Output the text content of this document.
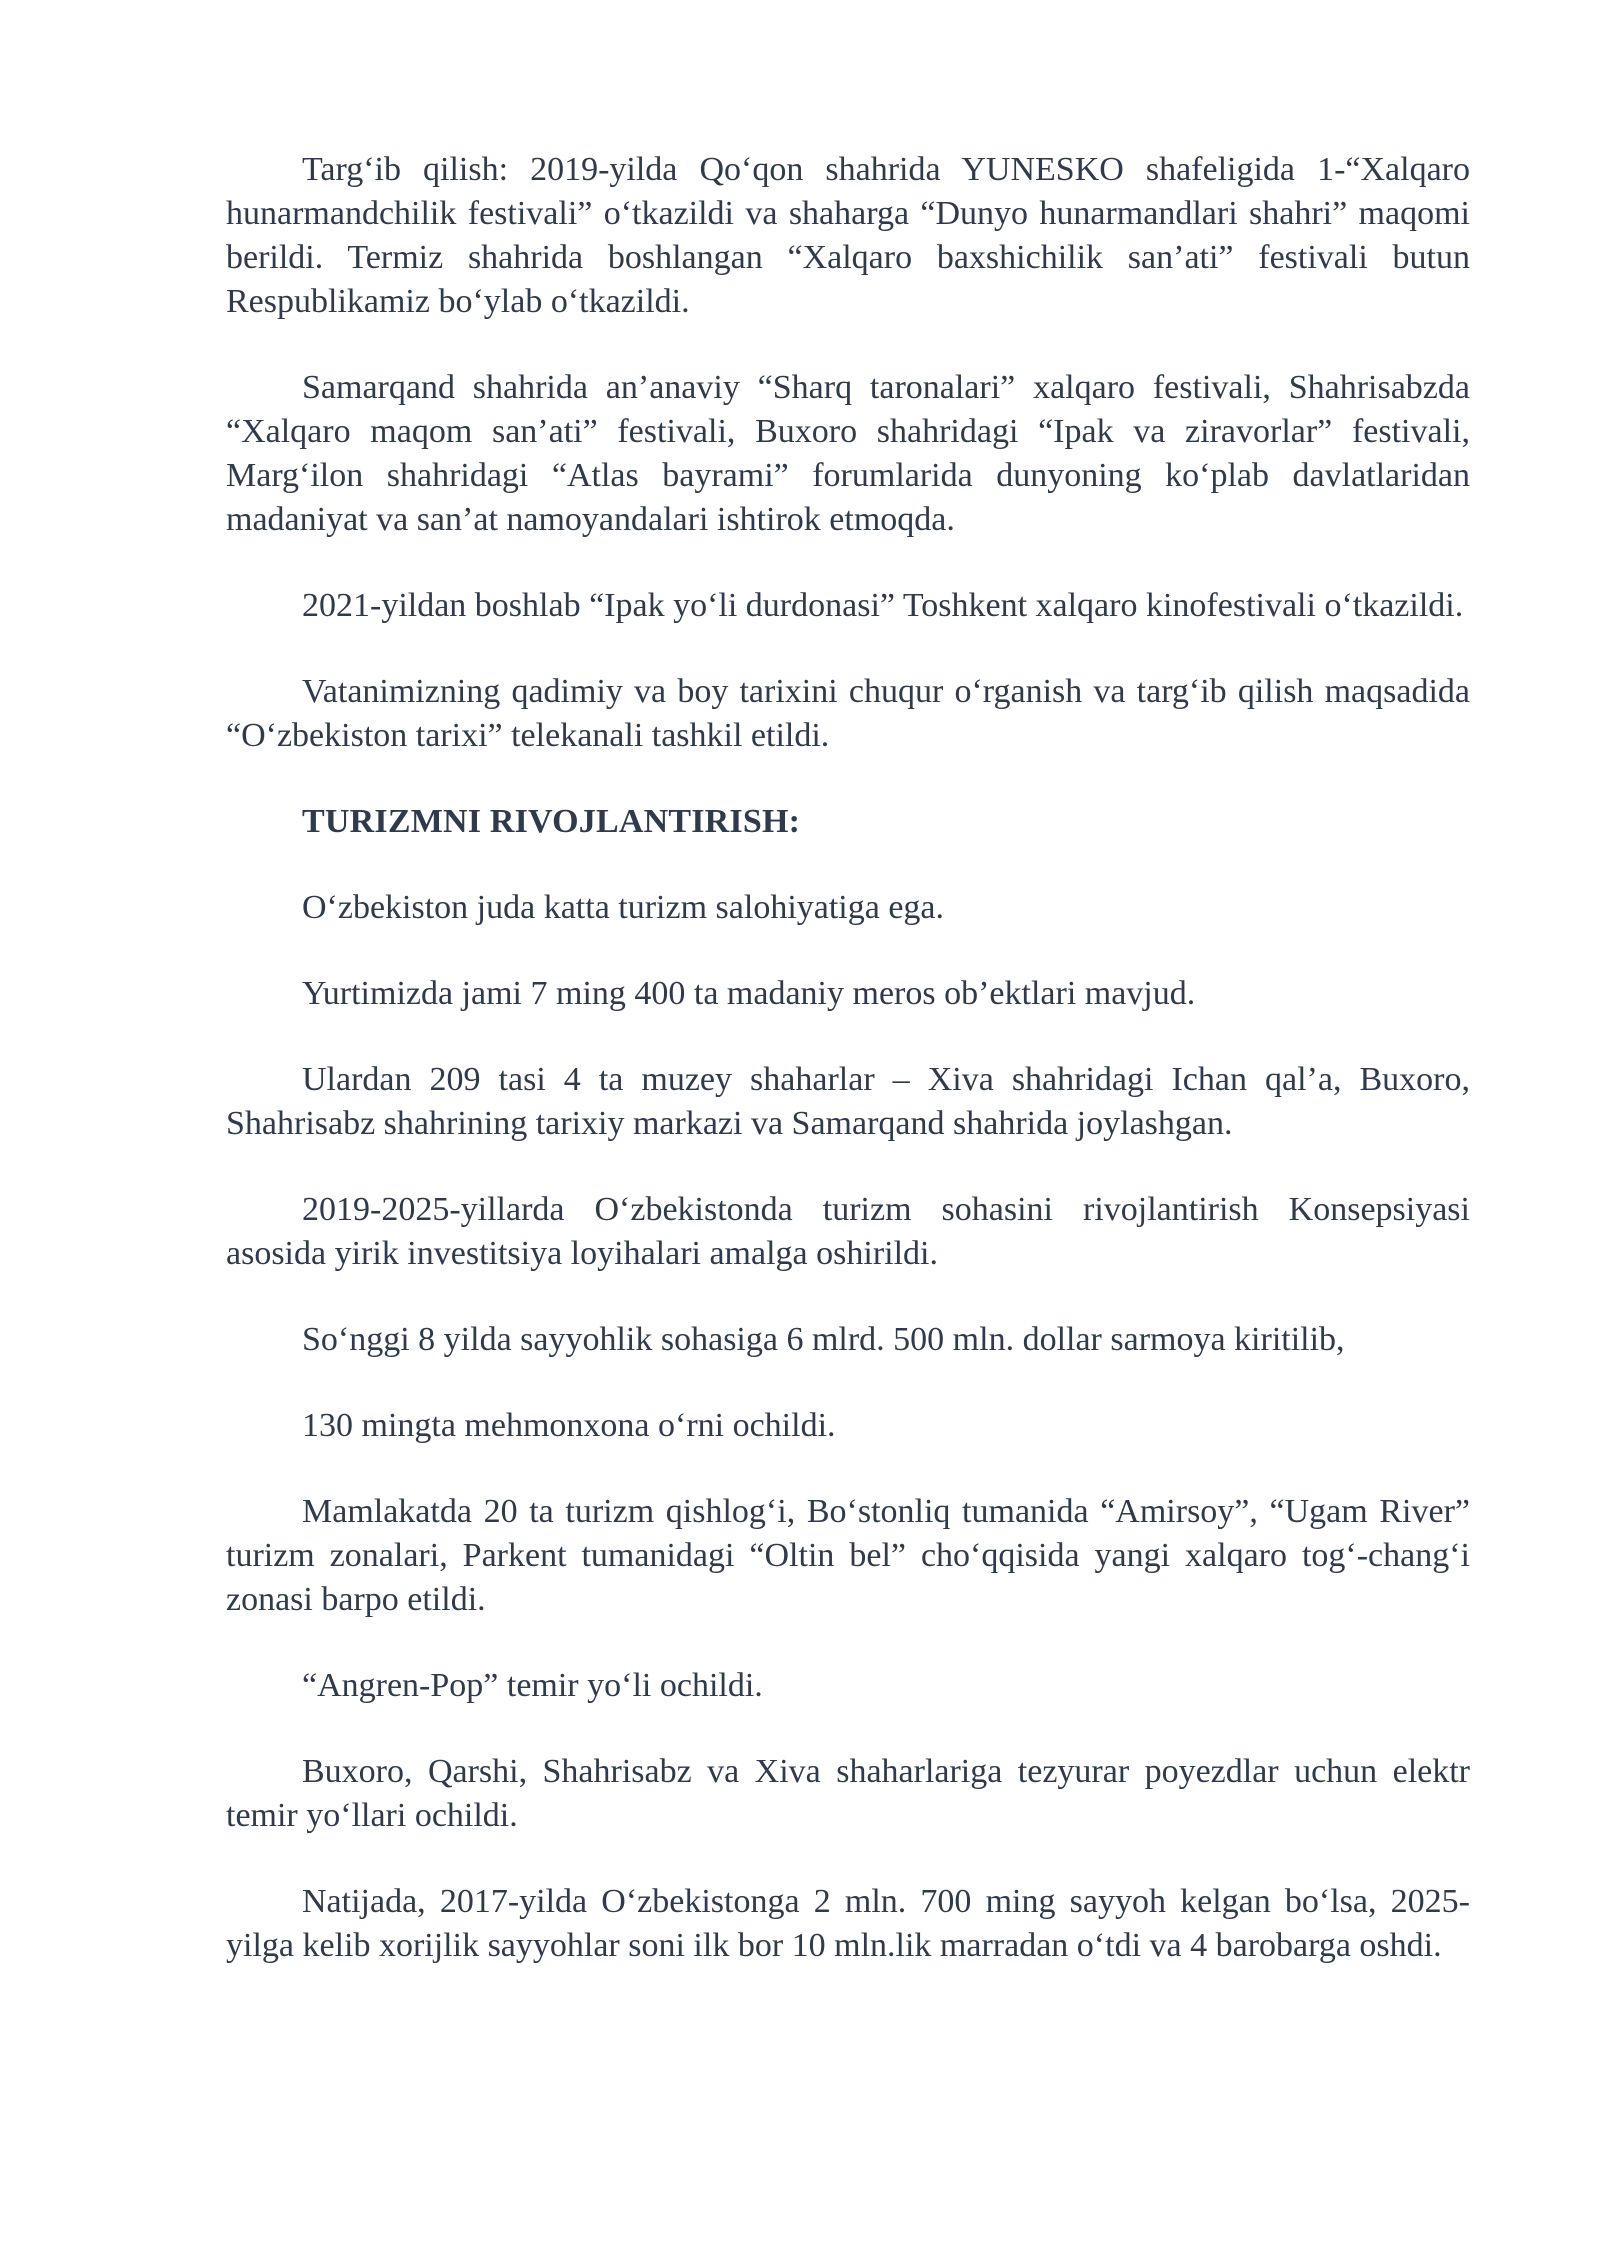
Targ‘ib qilish: 2019-yilda Qo‘qon shahrida YUNESKO shafeligida 1-“Xalqaro hunarmandchilik festivali” o‘tkazildi va shaharga “Dunyo hunarmandlari shahri” maqomi berildi. Termiz shahrida boshlangan “Xalqaro baxshichilik san’ati” festivali butun Respublikamiz bo‘ylab o‘tkazildi.

Samarqand shahrida an’anaviy “Sharq taronalari” xalqaro festivali, Shahrisabzda “Xalqaro maqom san’ati” festivali, Buxoro shahridagi “Ipak va ziravorlar” festivali, Marg‘ilon shahridagi “Atlas bayrami” forumlarida dunyoning ko‘plab davlatlaridan madaniyat va san’at namoyandalari ishtirok etmoqda.

2021-yildan boshlab “Ipak yo‘li durdonasi” Toshkent xalqaro kinofestivali o‘tkazildi.

Vatanimizning qadimiy va boy tarixini chuqur o‘rganish va targ‘ib qilish maqsadida “O‘zbekiston tarixi” telekanali tashkil etildi.

TURIZMNI RIVOJLANTIRISH:

O‘zbekiston juda katta turizm salohiyatiga ega.

Yurtimizda jami 7 ming 400 ta madaniy meros ob’ektlari mavjud.

Ulardan 209 tasi 4 ta muzey shaharlar – Xiva shahridagi Ichan qal’a, Buxoro, Shahrisabz shahrining tarixiy markazi va Samarqand shahrida joylashgan.

2019-2025-yillarda O‘zbekistonda turizm sohasini rivojlantirish Konsepsiyasi asosida yirik investitsiya loyihalari amalga oshirildi.

So‘nggi 8 yilda sayyohlik sohasiga 6 mlrd. 500 mln. dollar sarmoya kiritilib,

130 mingta mehmonxona o‘rni ochildi.

Mamlakatda 20 ta turizm qishlog‘i, Bo‘stonliq tumanida “Amirsoy”, “Ugam River” turizm zonalari, Parkent tumanidagi “Oltin bel” cho‘qqisida yangi xalqaro tog‘-chang‘i zonasi barpo etildi.

“Angren-Pop” temir yo‘li ochildi.

Buxoro, Qarshi, Shahrisabz va Xiva shaharlariga tezyurar poyezdlar uchun elektr temir yo‘llari ochildi.

Natijada, 2017-yilda O‘zbekistonga 2 mln. 700 ming sayyoh kelgan bo‘lsa, 2025-yilga kelib xorijlik sayyohlar soni ilk bor 10 mln.lik marradan o‘tdi va 4 barobarga oshdi.
